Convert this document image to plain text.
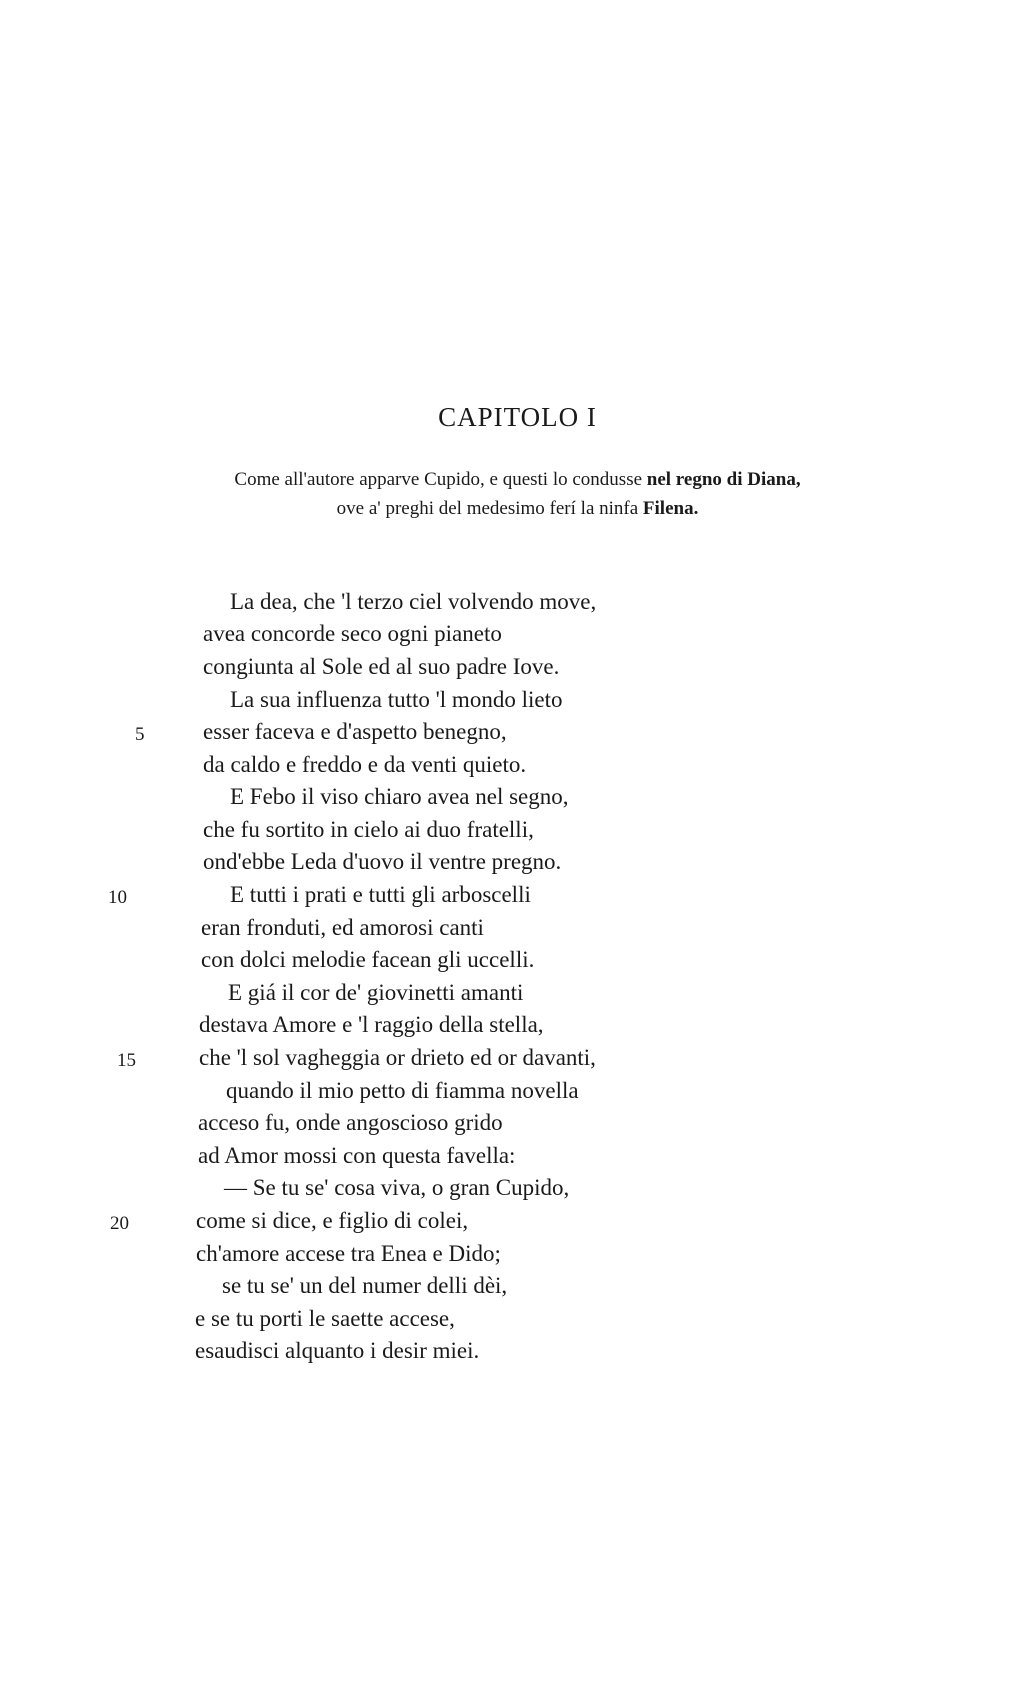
CAPITOLO I

Come all'autore apparve Cupido, e questi lo condusse nel regno di Diana,

ove a' preghi del medesimo ferí la ninfa Filena.

La dea, che 'l terzo ciel volvendo move,
avea concorde seco ogni pianeto
congiunta al Sole ed al suo padre Iove.
La sua influenza tutto 'l mondo lieto
esser faceva e d'aspetto benegno,
da caldo e freddo e da venti quieto.
E Febo il viso chiaro avea nel segno,
che fu sortito in cielo ai duo fratelli,
ond'ebbe Leda d'uovo il ventre pregno.
E tutti i prati e tutti gli arboscelli
eran fronduti, ed amorosi canti
con dolci melodie facean gli uccelli.
E giá il cor de' giovinetti amanti
destava Amore e 'l raggio della stella,
che 'l sol vagheggia or drieto ed or davanti,
quando il mio petto di fiamma novella
acceso fu, onde angoscioso grido
ad Amor mossi con questa favella:
— Se tu se' cosa viva, o gran Cupido,
come si dice, e figlio di colei,
ch'amore accese tra Enea e Dido;
se tu se' un del numer delli dèi,
e se tu porti le saette accese,
esaudisci alquanto i desir miei.
5
10
15
20
